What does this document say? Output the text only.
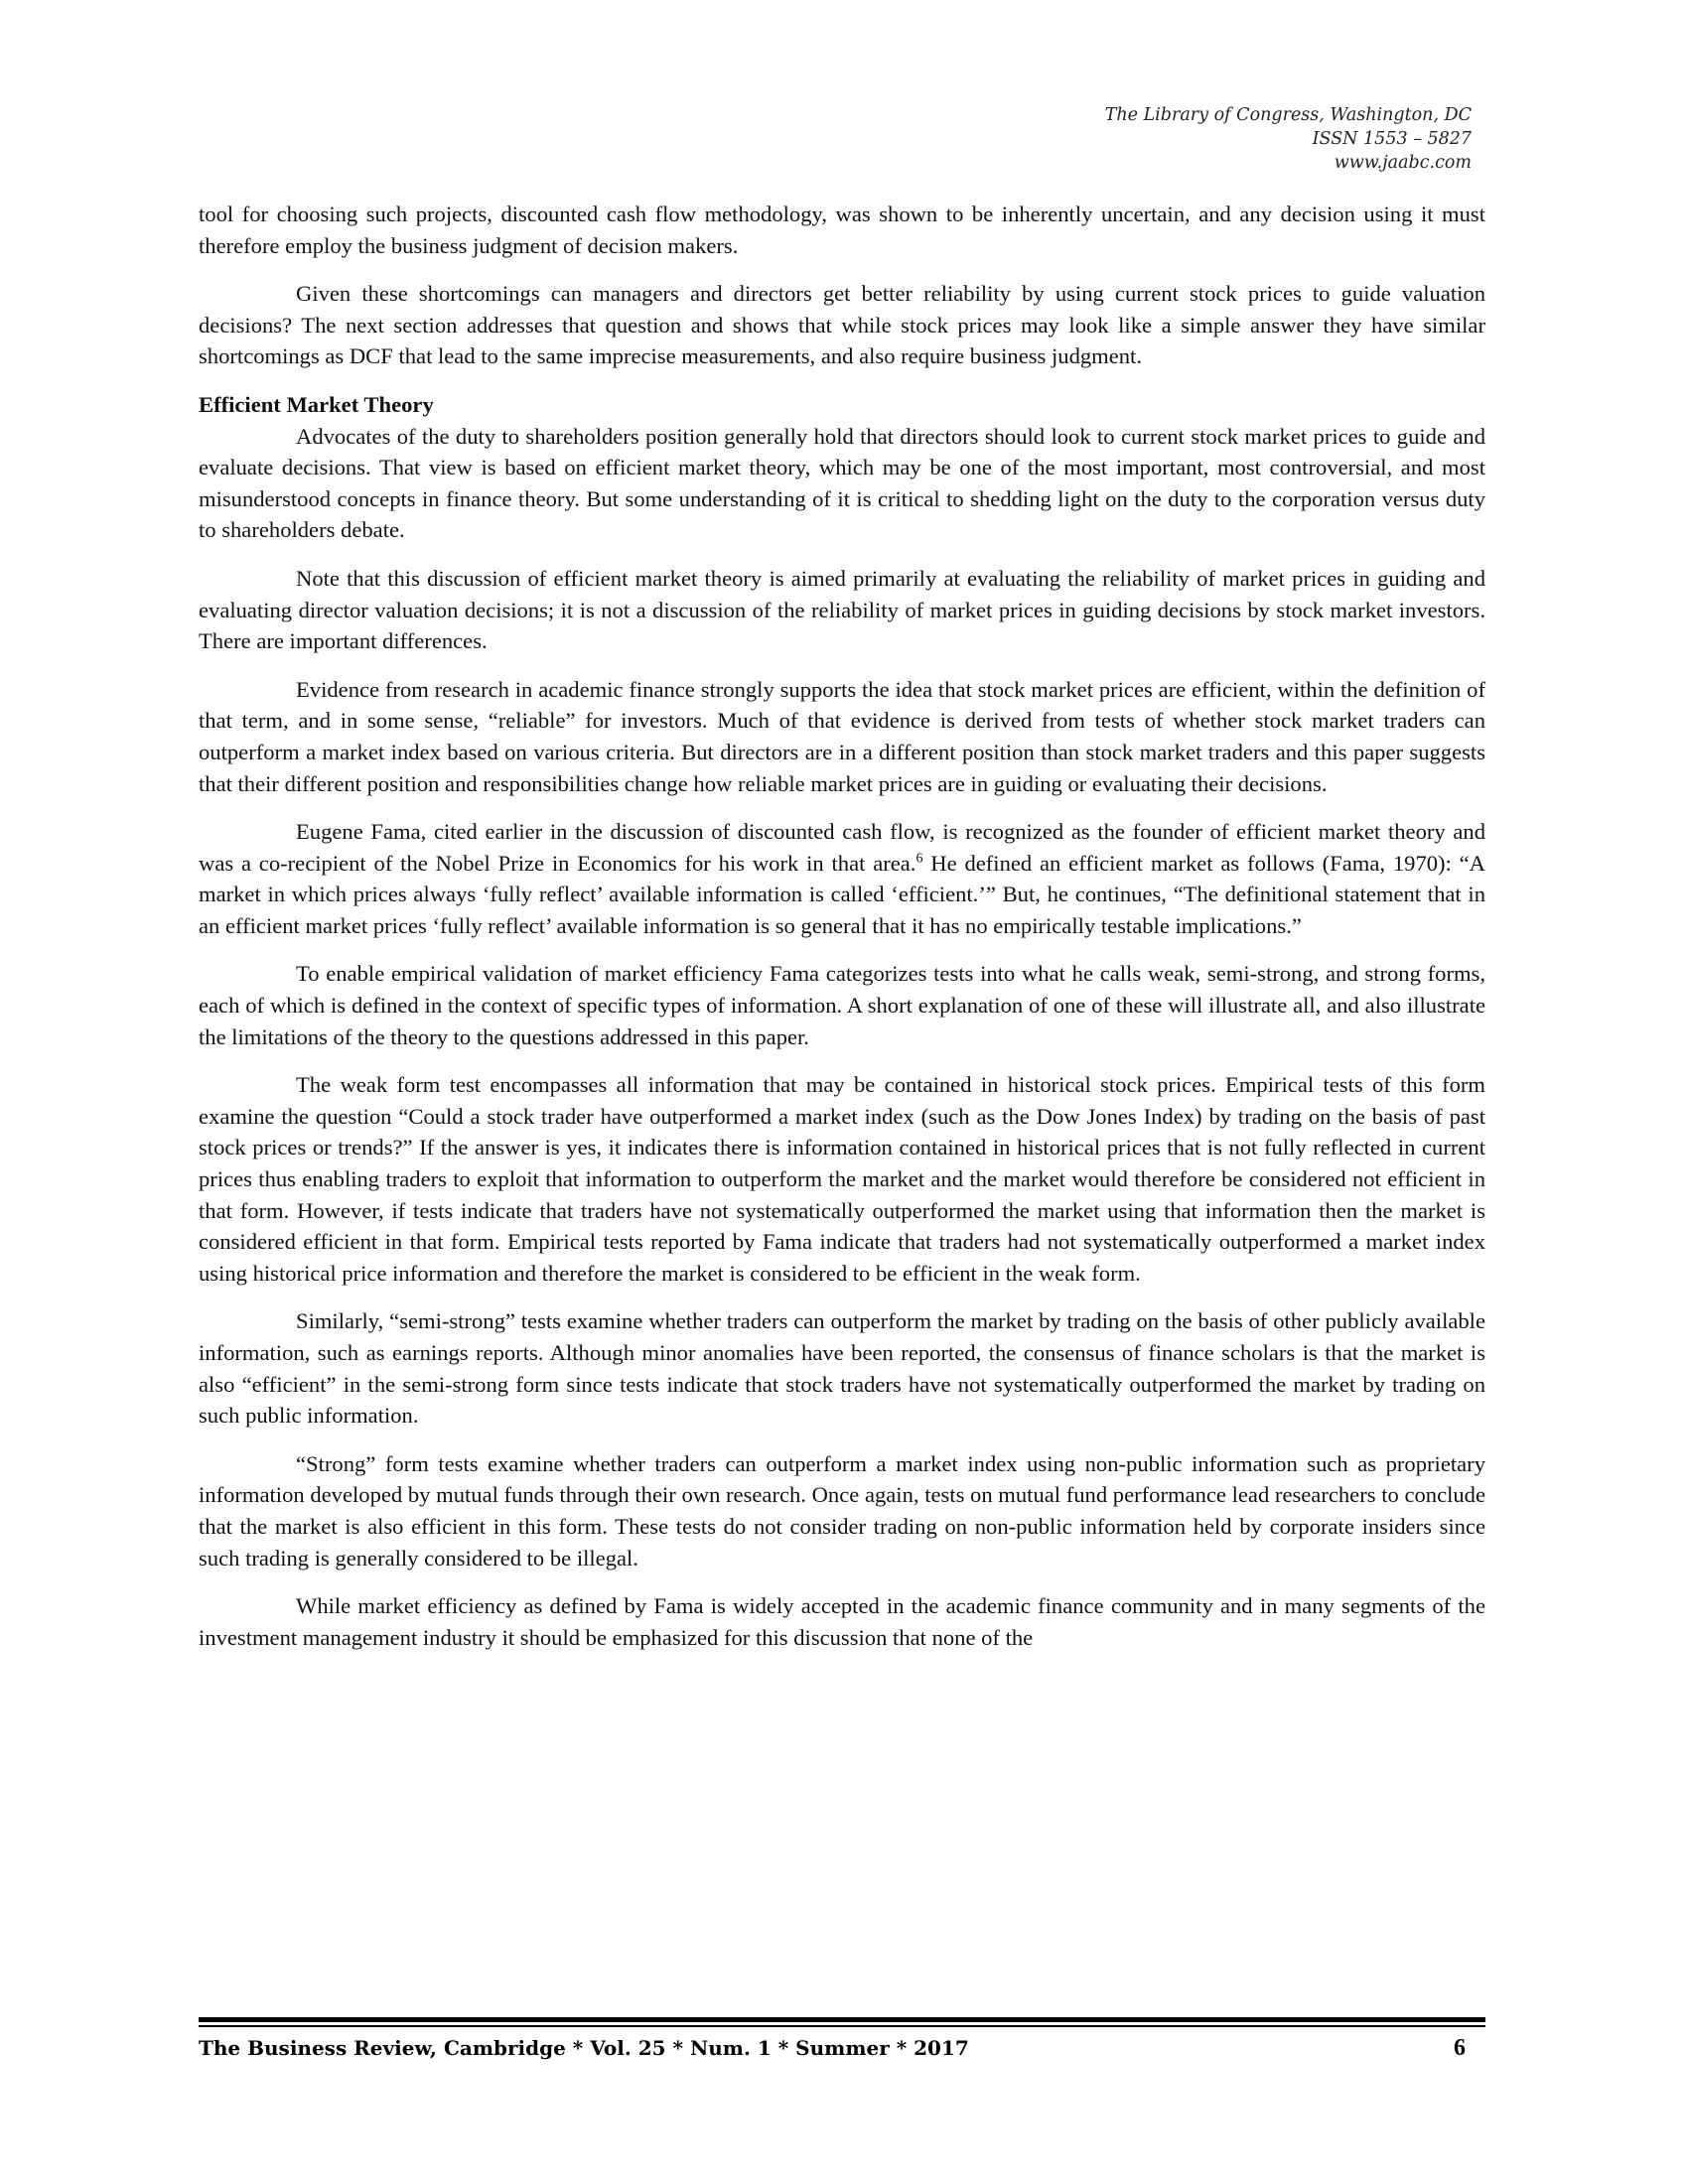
The Library of Congress, Washington, DC
ISSN 1553 – 5827
www.jaabc.com

tool for choosing such projects, discounted cash flow methodology, was shown to be inherently uncertain, and any decision using it must therefore employ the business judgment of decision makers.

Given these shortcomings can managers and directors get better reliability by using current stock prices to guide valuation decisions? The next section addresses that question and shows that while stock prices may look like a simple answer they have similar shortcomings as DCF that lead to the same imprecise measurements, and also require business judgment.

Efficient Market Theory

Advocates of the duty to shareholders position generally hold that directors should look to current stock market prices to guide and evaluate decisions. That view is based on efficient market theory, which may be one of the most important, most controversial, and most misunderstood concepts in finance theory. But some understanding of it is critical to shedding light on the duty to the corporation versus duty to shareholders debate.

Note that this discussion of efficient market theory is aimed primarily at evaluating the reliability of market prices in guiding and evaluating director valuation decisions; it is not a discussion of the reliability of market prices in guiding decisions by stock market investors. There are important differences.

Evidence from research in academic finance strongly supports the idea that stock market prices are efficient, within the definition of that term, and in some sense, “reliable” for investors. Much of that evidence is derived from tests of whether stock market traders can outperform a market index based on various criteria. But directors are in a different position than stock market traders and this paper suggests that their different position and responsibilities change how reliable market prices are in guiding or evaluating their decisions.

Eugene Fama, cited earlier in the discussion of discounted cash flow, is recognized as the founder of efficient market theory and was a co-recipient of the Nobel Prize in Economics for his work in that area.$^6$ He defined an efficient market as follows (Fama, 1970): “A market in which prices always ‘fully reflect’ available information is called ‘efficient.’” But, he continues, “The definitional statement that in an efficient market prices ‘fully reflect’ available information is so general that it has no empirically testable implications.”

To enable empirical validation of market efficiency Fama categorizes tests into what he calls weak, semi-strong, and strong forms, each of which is defined in the context of specific types of information. A short explanation of one of these will illustrate all, and also illustrate the limitations of the theory to the questions addressed in this paper.

The weak form test encompasses all information that may be contained in historical stock prices. Empirical tests of this form examine the question “Could a stock trader have outperformed a market index (such as the Dow Jones Index) by trading on the basis of past stock prices or trends?” If the answer is yes, it indicates there is information contained in historical prices that is not fully reflected in current prices thus enabling traders to exploit that information to outperform the market and the market would therefore be considered not efficient in that form. However, if tests indicate that traders have not systematically outperformed the market using that information then the market is considered efficient in that form. Empirical tests reported by Fama indicate that traders had not systematically outperformed a market index using historical price information and therefore the market is considered to be efficient in the weak form.

Similarly, “semi-strong” tests examine whether traders can outperform the market by trading on the basis of other publicly available information, such as earnings reports. Although minor anomalies have been reported, the consensus of finance scholars is that the market is also “efficient” in the semi-strong form since tests indicate that stock traders have not systematically outperformed the market by trading on such public information.

“Strong” form tests examine whether traders can outperform a market index using non-public information such as proprietary information developed by mutual funds through their own research. Once again, tests on mutual fund performance lead researchers to conclude that the market is also efficient in this form. These tests do not consider trading on non-public information held by corporate insiders since such trading is generally considered to be illegal.

While market efficiency as defined by Fama is widely accepted in the academic finance community and in many segments of the investment management industry it should be emphasized for this discussion that none of the

The Business Review, Cambridge * Vol. 25 * Num. 1 * Summer * 2017	6
